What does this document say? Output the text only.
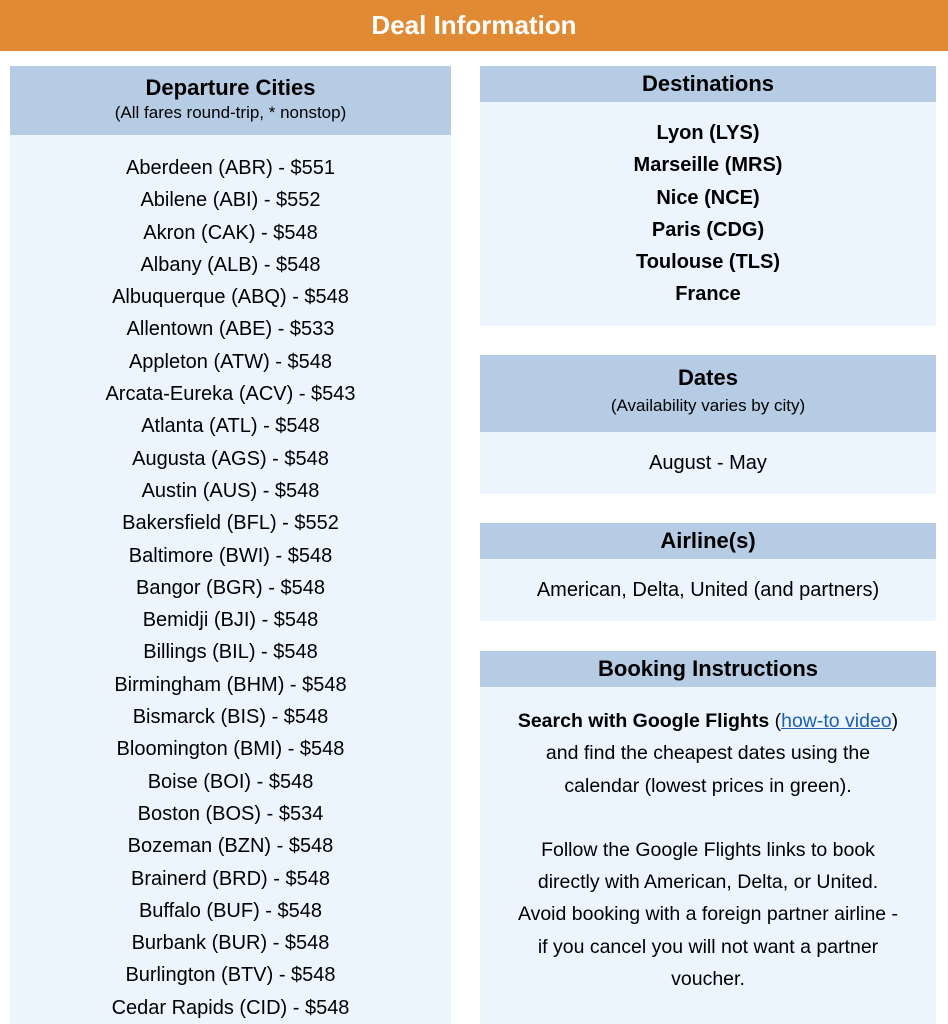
Deal Information
Departure Cities
(All fares round-trip, * nonstop)
Aberdeen (ABR) - $551
Abilene (ABI) - $552
Akron (CAK) - $548
Albany (ALB) - $548
Albuquerque (ABQ) - $548
Allentown (ABE) - $533
Appleton (ATW) - $548
Arcata-Eureka (ACV) - $543
Atlanta (ATL) - $548
Augusta (AGS) - $548
Austin (AUS) - $548
Bakersfield (BFL) - $552
Baltimore (BWI) - $548
Bangor (BGR) - $548
Bemidji (BJI) - $548
Billings (BIL) - $548
Birmingham (BHM) - $548
Bismarck (BIS) - $548
Bloomington (BMI) - $548
Boise (BOI) - $548
Boston (BOS) - $534
Bozeman (BZN) - $548
Brainerd (BRD) - $548
Buffalo (BUF) - $548
Burbank (BUR) - $548
Burlington (BTV) - $548
Cedar Rapids (CID) - $548
Destinations
Lyon (LYS)
Marseille (MRS)
Nice (NCE)
Paris (CDG)
Toulouse (TLS)
France
Dates
(Availability varies by city)
August - May
Airline(s)
American, Delta, United (and partners)
Booking Instructions

Search with Google Flights (how-to video) and find the cheapest dates using the calendar (lowest prices in green).

Follow the Google Flights links to book directly with American, Delta, or United. Avoid booking with a foreign partner airline - if you cancel you will not want a partner voucher.
